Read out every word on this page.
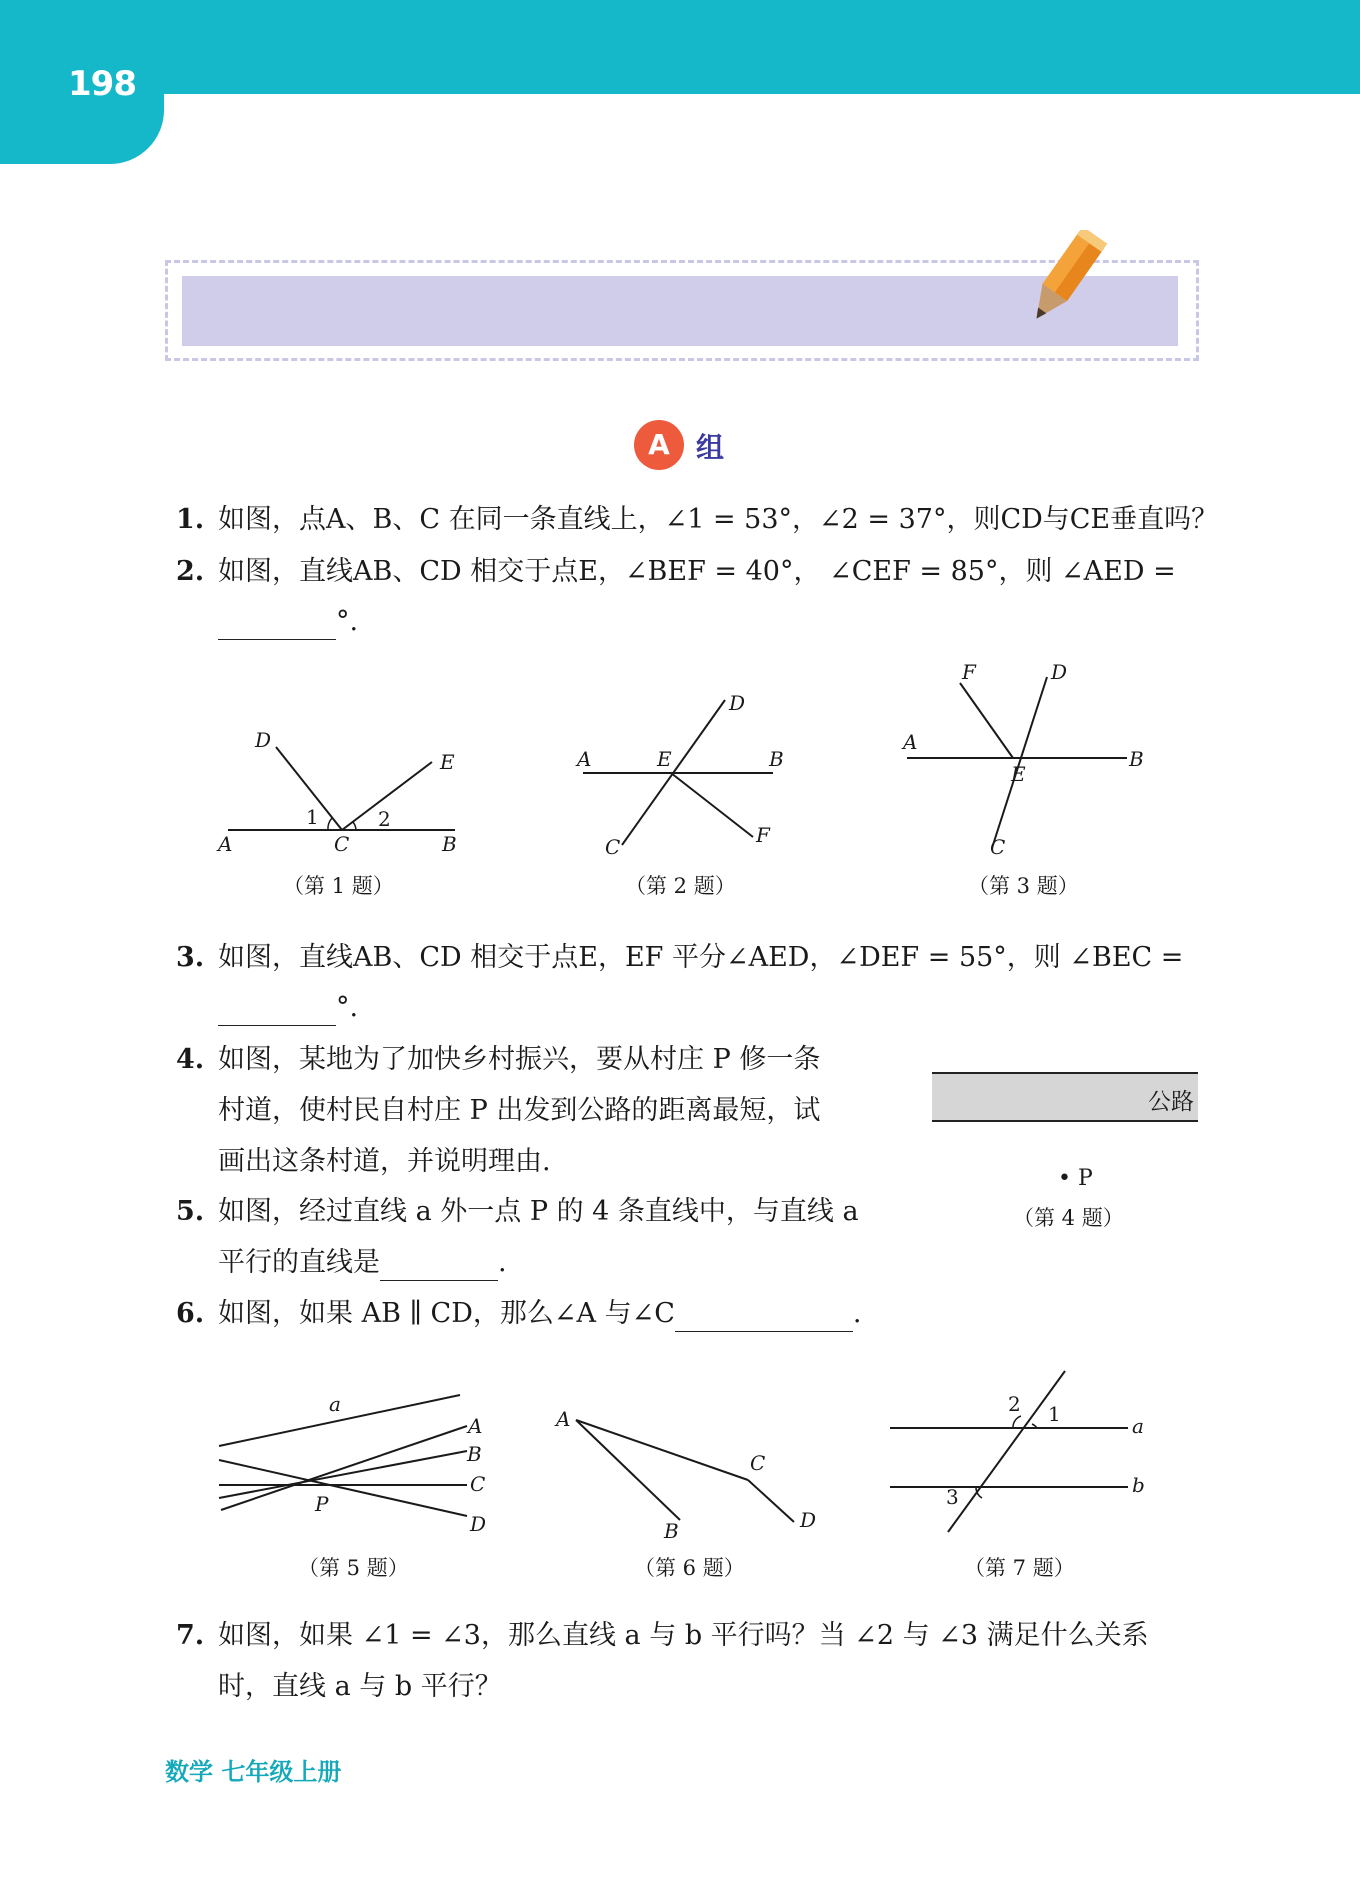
198
A 组
1. 如图，点A、B、C 在同一条直线上，∠1 = 53°，∠2 = 37°，则CD与CE垂直吗？
2. 如图，直线AB、CD 相交于点E，∠BEF = 40°， ∠CEF = 85°，则 ∠AED =
°.
D
E
A	C	B
1	2
（第 1 题）
D
A	E	B
C	F
（第 2 题）
F	D
A
B
E
C
（第 3 题）
3. 如图，直线AB、CD 相交于点E，EF 平分∠AED，∠DEF = 55°，则 ∠BEC =
°.
4. 如图，某地为了加快乡村振兴，要从村庄 P 修一条
村道，使村民自村庄 P 出发到公路的距离最短，试
画出这条村道，并说明理由.
公路
• P
（第 4 题）
5. 如图，经过直线 a 外一点 P 的 4 条直线中，与直线 a
平行的直线是	.
6. 如图，如果 AB ∥ CD，那么∠A 与∠C	.
a
A
B
C
P
D
（第 5 题）
A
C
B	D
（第 6 题）
2 1
3
a
b
（第 7 题）
7. 如图，如果 ∠1 = ∠3，那么直线 a 与 b 平行吗？当 ∠2 与 ∠3 满足什么关系
时，直线 a 与 b 平行？
数学 七年级上册
